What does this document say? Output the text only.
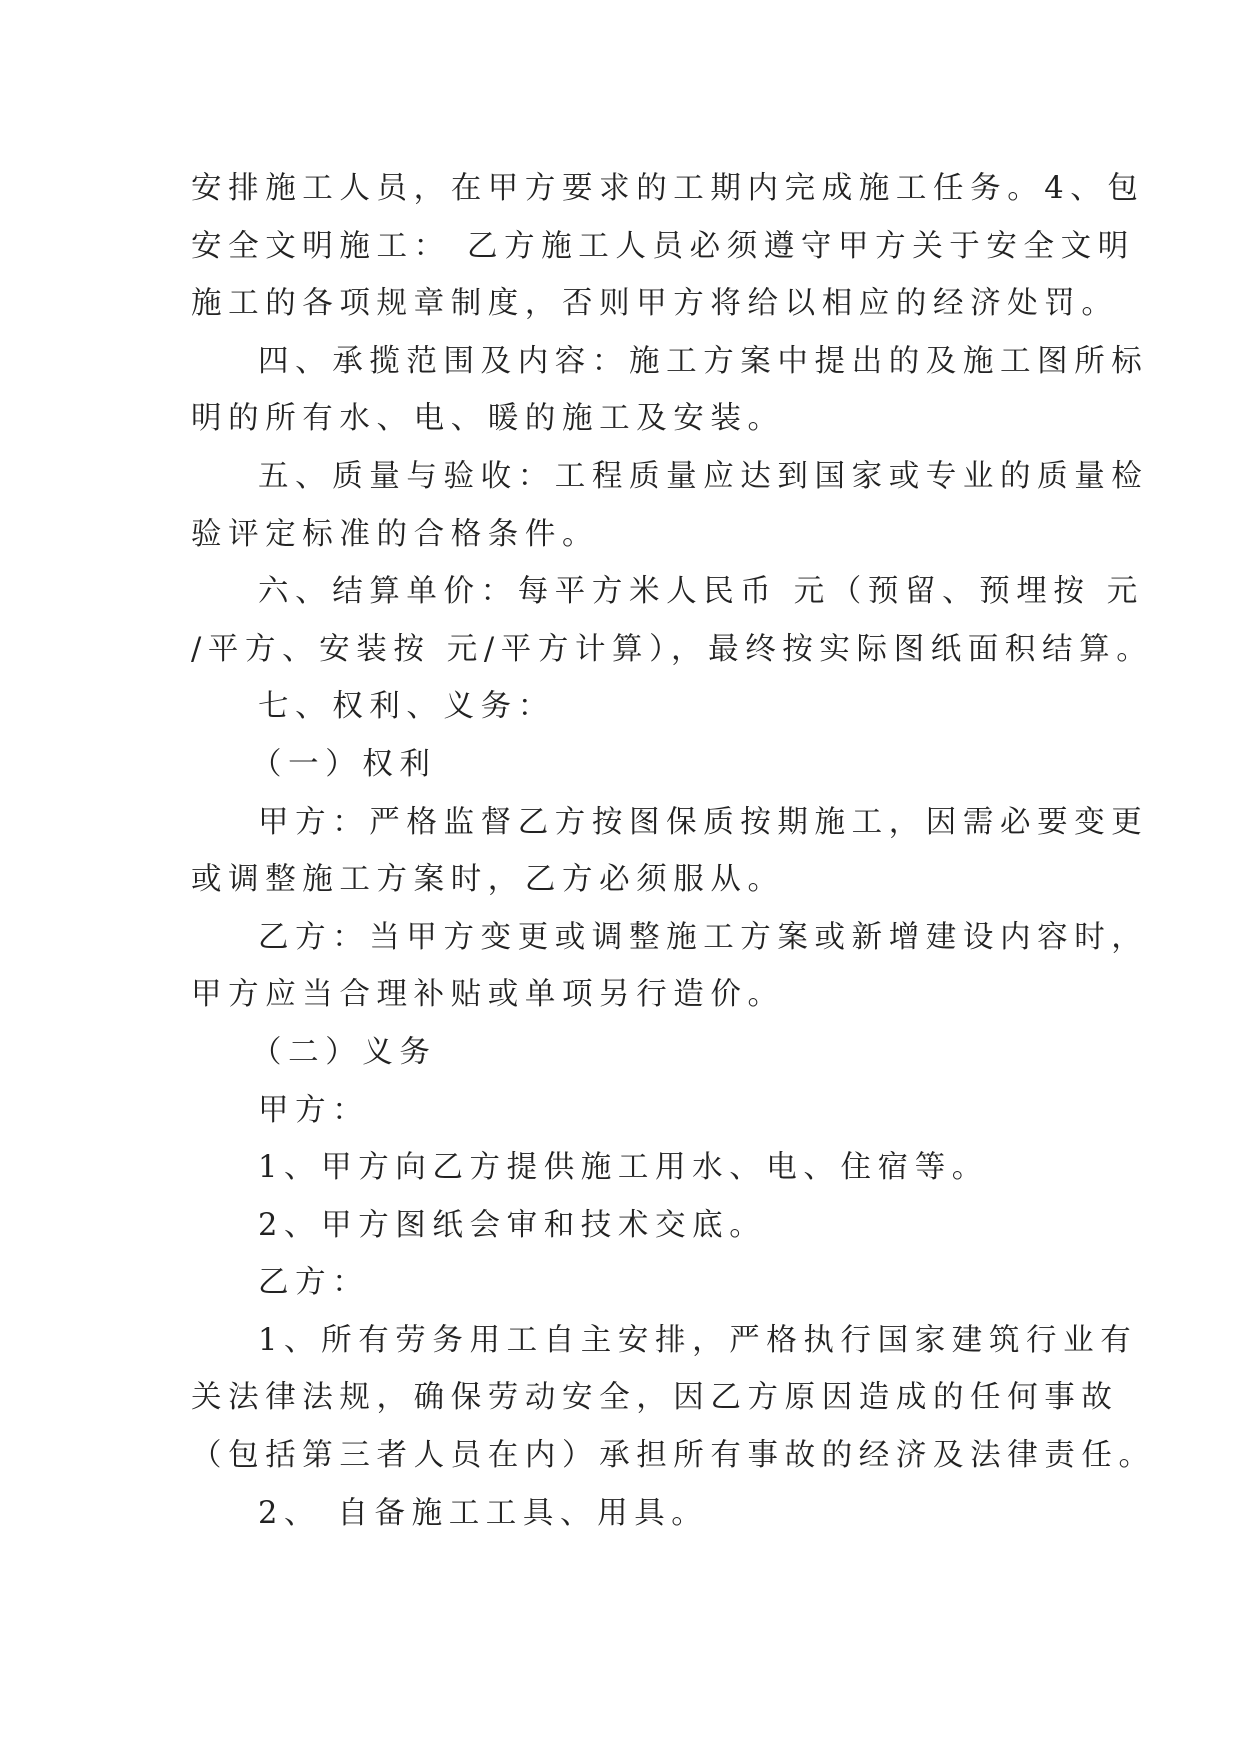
安排施工人员，在甲方要求的工期内完成施工任务。4、包
安全文明施工： 乙方施工人员必须遵守甲方关于安全文明
施工的各项规章制度，否则甲方将给以相应的经济处罚。
四、承揽范围及内容：施工方案中提出的及施工图所标
明的所有水、电、暖的施工及安装。
五、质量与验收：工程质量应达到国家或专业的质量检
验评定标准的合格条件。
六、结算单价：每平方米人民币 元（预留、预埋按 元
/平方、安装按 元/平方计算），最终按实际图纸面积结算。
七、权利、义务：
（一）权利
甲方：严格监督乙方按图保质按期施工，因需必要变更
或调整施工方案时，乙方必须服从。
乙方：当甲方变更或调整施工方案或新增建设内容时，
甲方应当合理补贴或单项另行造价。
（二）义务
甲方：
1、甲方向乙方提供施工用水、电、住宿等。
2、甲方图纸会审和技术交底。
乙方：
1、所有劳务用工自主安排，严格执行国家建筑行业有
关法律法规，确保劳动安全，因乙方原因造成的任何事故
（包括第三者人员在内）承担所有事故的经济及法律责任。
2、 自备施工工具、用具。
